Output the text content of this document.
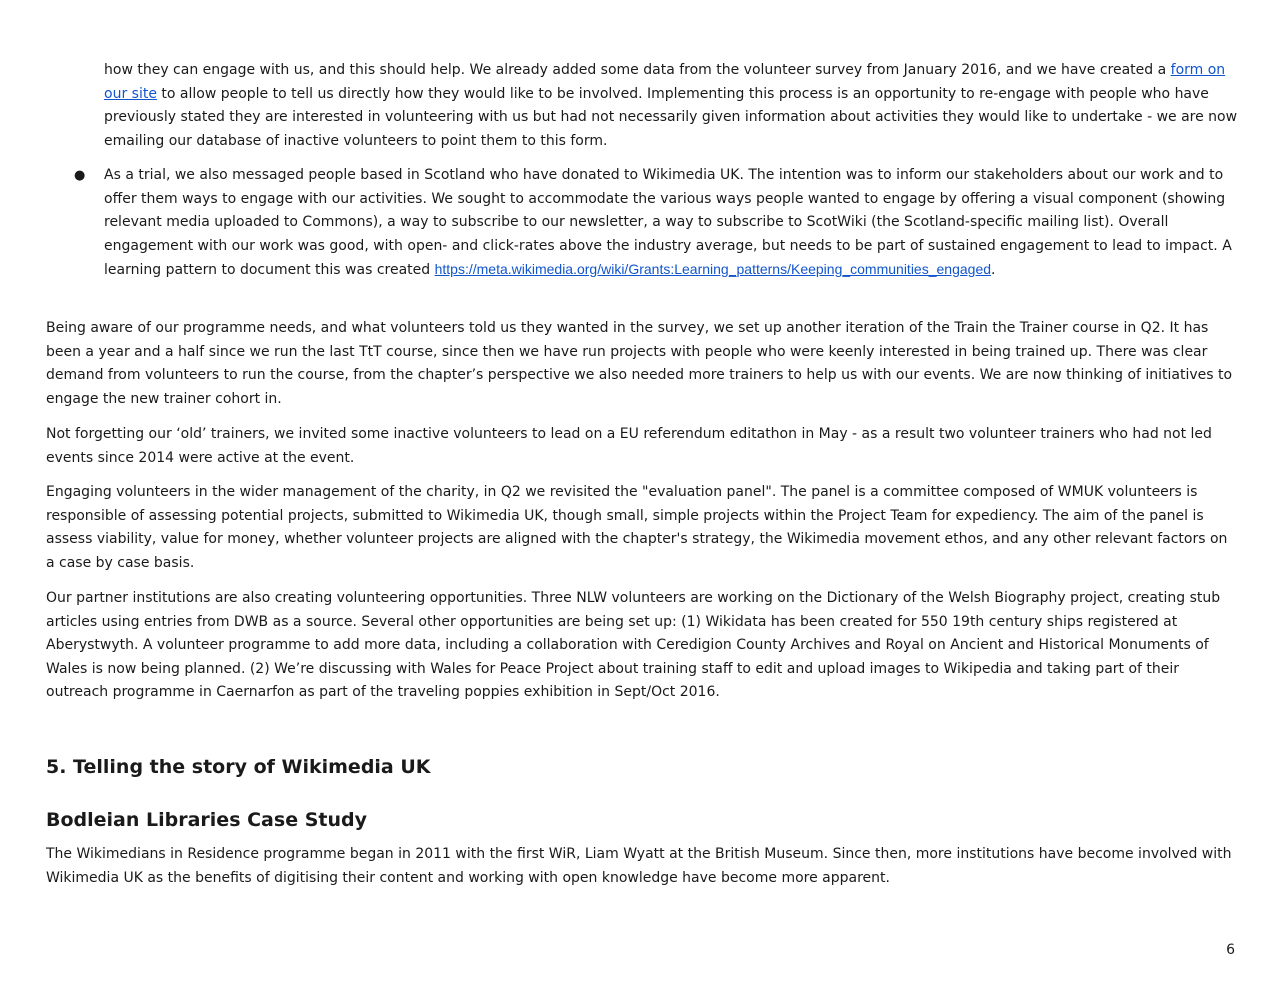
how they can engage with us, and this should help. We already added some data from the volunteer survey from January 2016, and we have created a form on our site to allow people to tell us directly how they would like to be involved. Implementing this process is an opportunity to re-engage with people who have previously stated they are interested in volunteering with us but had not necessarily given information about activities they would like to undertake - we are now emailing our database of inactive volunteers to point them to this form.

● As a trial, we also messaged people based in Scotland who have donated to Wikimedia UK. The intention was to inform our stakeholders about our work and to offer them ways to engage with our activities. We sought to accommodate the various ways people wanted to engage by offering a visual component (showing relevant media uploaded to Commons), a way to subscribe to our newsletter, a way to subscribe to ScotWiki (the Scotland-specific mailing list). Overall engagement with our work was good, with open- and click-rates above the industry average, but needs to be part of sustained engagement to lead to impact. A learning pattern to document this was created https://meta.wikimedia.org/wiki/Grants:Learning_patterns/Keeping_communities_engaged.

Being aware of our programme needs, and what volunteers told us they wanted in the survey, we set up another iteration of the Train the Trainer course in Q2. It has been a year and a half since we run the last TtT course, since then we have run projects with people who were keenly interested in being trained up. There was clear demand from volunteers to run the course, from the chapter’s perspective we also needed more trainers to help us with our events. We are now thinking of initiatives to engage the new trainer cohort in.

Not forgetting our ‘old’ trainers, we invited some inactive volunteers to lead on a EU referendum editathon in May - as a result two volunteer trainers who had not led events since 2014 were active at the event.

Engaging volunteers in the wider management of the charity, in Q2 we revisited the "evaluation panel". The panel is a committee composed of WMUK volunteers is responsible of assessing potential projects, submitted to Wikimedia UK, though small, simple projects within the Project Team for expediency. The aim of the panel is assess viability, value for money, whether volunteer projects are aligned with the chapter's strategy, the Wikimedia movement ethos, and any other relevant factors on a case by case basis.

Our partner institutions are also creating volunteering opportunities. Three NLW volunteers are working on the Dictionary of the Welsh Biography project, creating stub articles using entries from DWB as a source. Several other opportunities are being set up: (1) Wikidata has been created for 550 19th century ships registered at Aberystwyth. A volunteer programme to add more data, including a collaboration with Ceredigion County Archives and Royal on Ancient and Historical Monuments of Wales is now being planned. (2) We’re discussing with Wales for Peace Project about training staff to edit and upload images to Wikipedia and taking part of their outreach programme in Caernarfon as part of the traveling poppies exhibition in Sept/Oct 2016.

5. Telling the story of Wikimedia UK
Bodleian Libraries Case Study

The Wikimedians in Residence programme began in 2011 with the first WiR, Liam Wyatt at the British Museum. Since then, more institutions have become involved with Wikimedia UK as the benefits of digitising their content and working with open knowledge have become more apparent.

6
